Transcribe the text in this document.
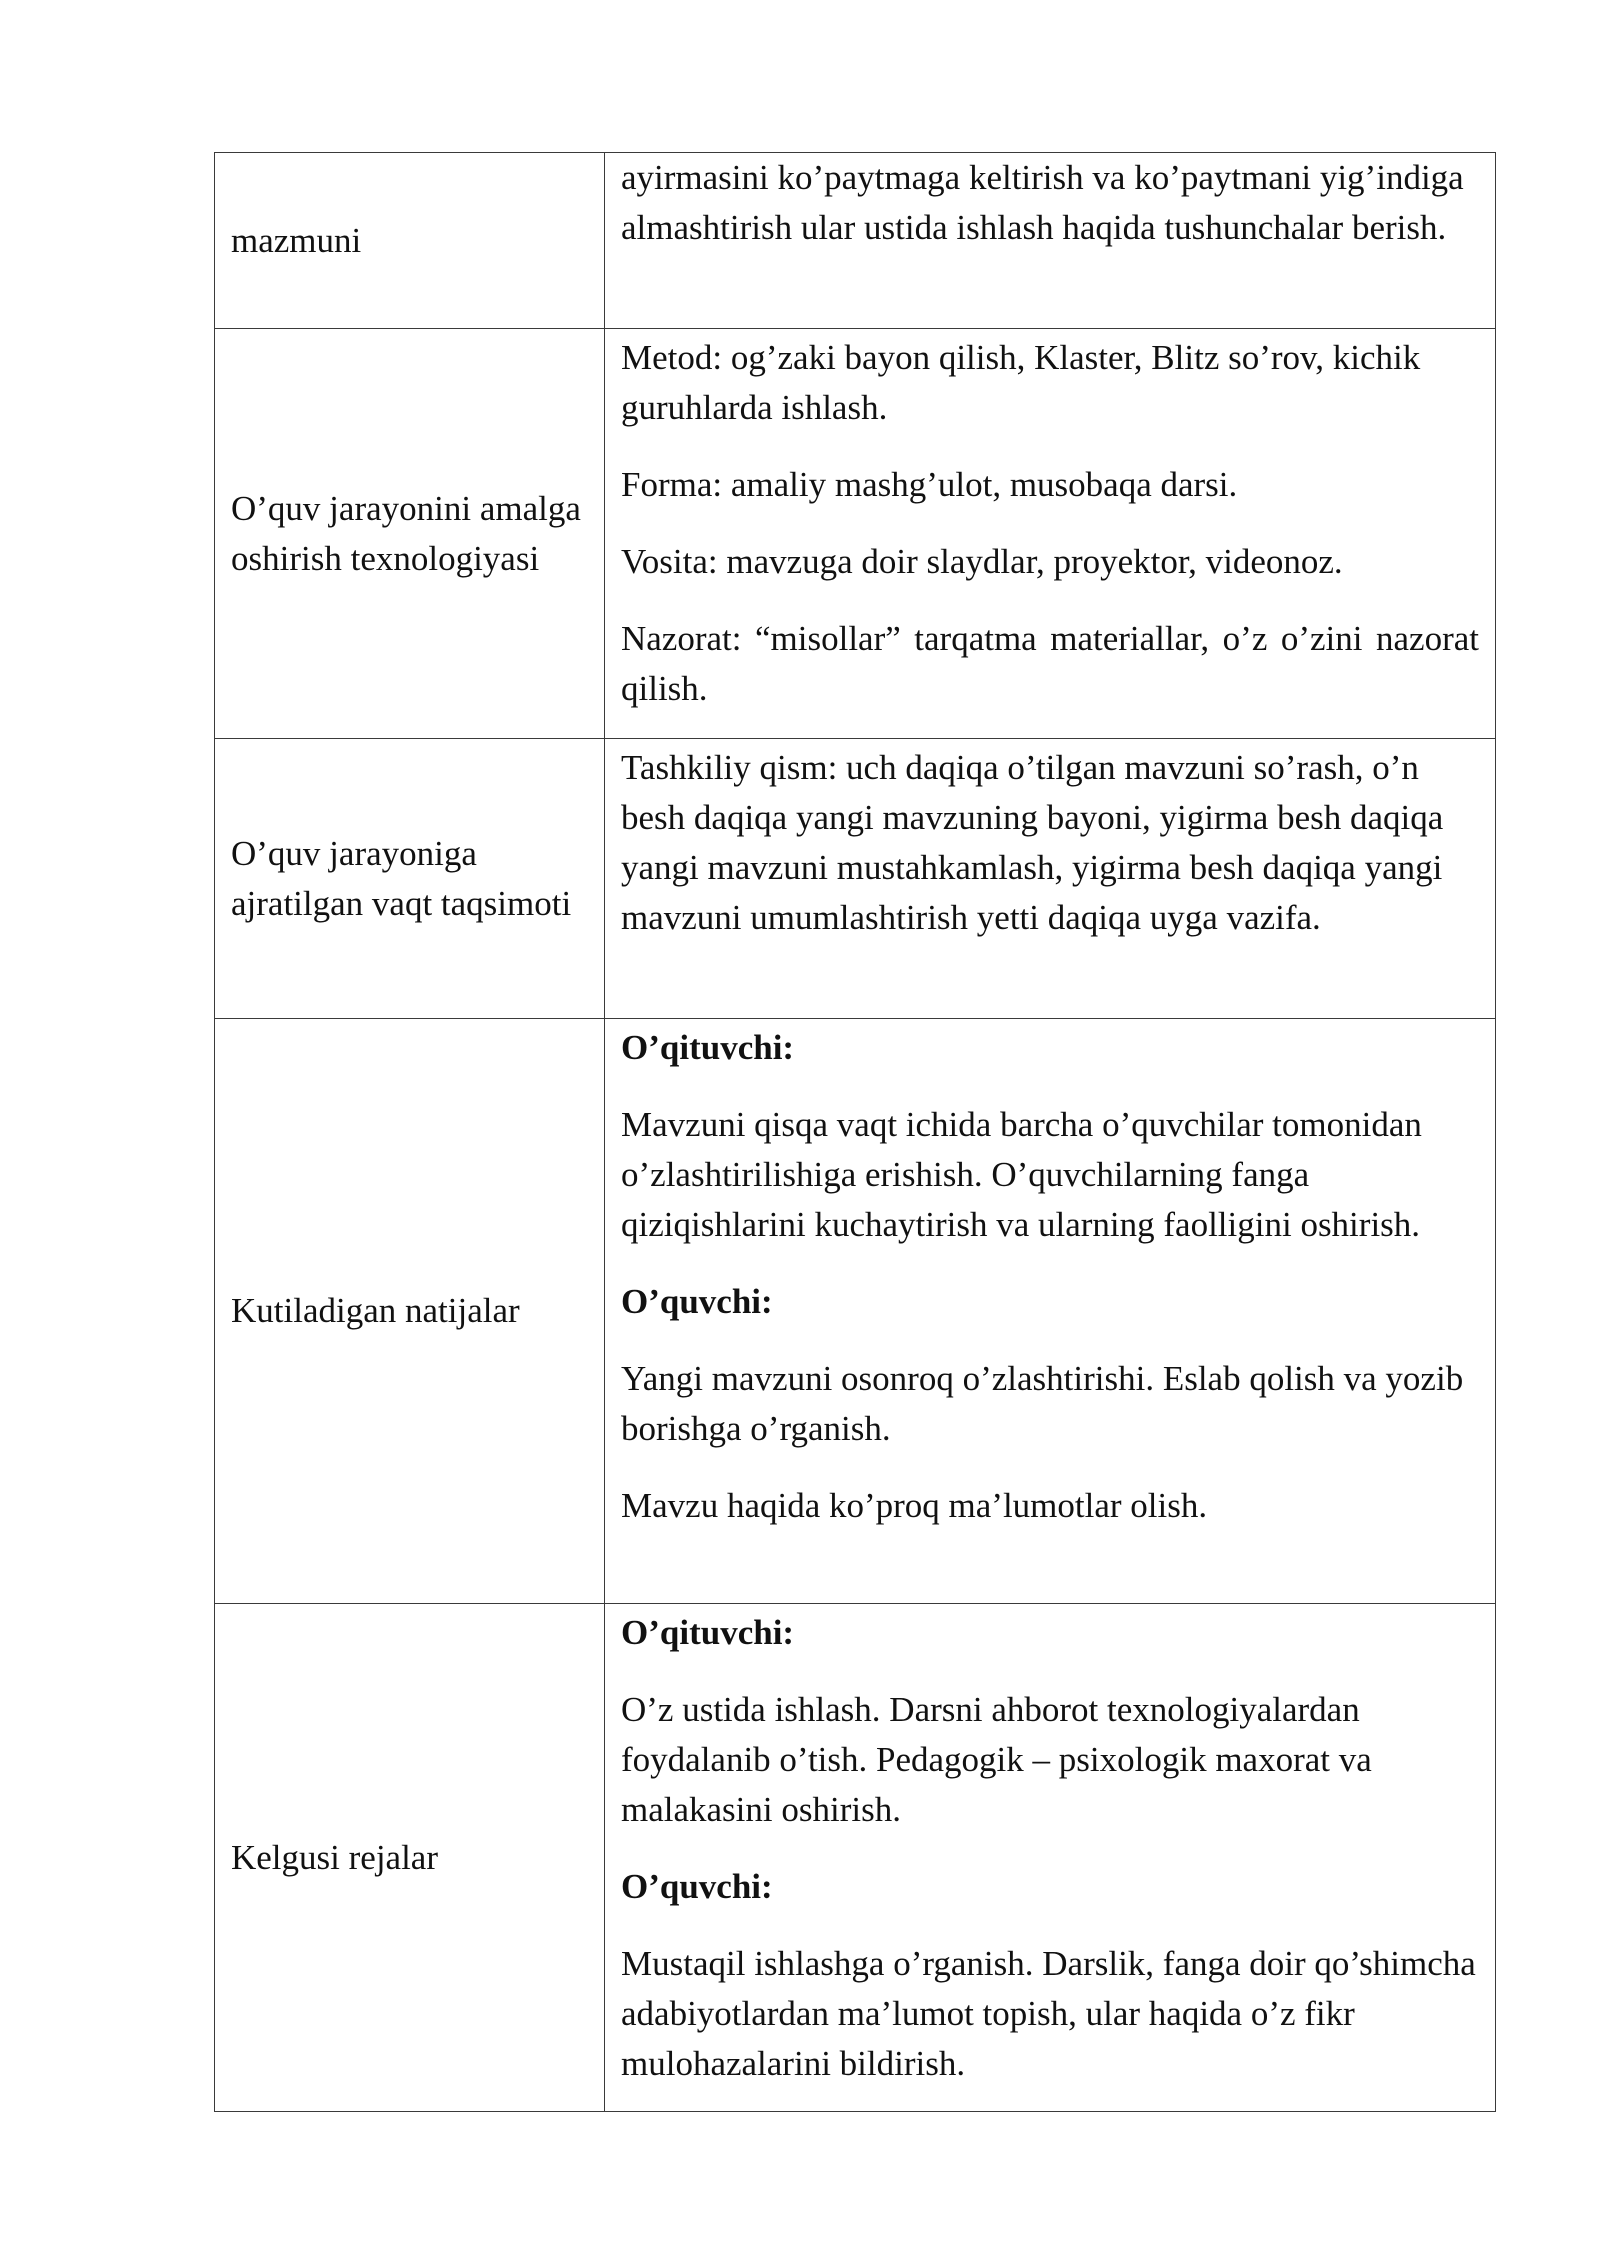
mazmuni	ayirmasini ko’paytmaga keltirish va ko’paytmani yig’indiga almashtirish ular ustida ishlash haqida tushunchalar berish.

O’quv jarayonini amalga oshirish texnologiyasi	Metod: og’zaki bayon qilish, Klaster, Blitz so’rov, kichik guruhlarda ishlash.

Forma: amaliy mashg’ulot, musobaqa darsi.

Vosita: mavzuga doir slaydlar, proyektor, videonoz.

Nazorat: “misollar” tarqatma materiallar, o’z o’zini nazorat qilish.

O’quv jarayoniga ajratilgan vaqt taqsimoti	Tashkiliy qism: uch daqiqa o’tilgan mavzuni so’rash, o’n besh daqiqa yangi mavzuning bayoni, yigirma besh daqiqa yangi mavzuni mustahkamlash, yigirma besh daqiqa yangi mavzuni umumlashtirish yetti daqiqa uyga vazifa.

Kutiladigan natijalar	O’qituvchi:

Mavzuni qisqa vaqt ichida barcha o’quvchilar tomonidan o’zlashtirilishiga erishish. O’quvchilarning fanga qiziqishlarini kuchaytirish va ularning faolligini oshirish.

O’quvchi:

Yangi mavzuni osonroq o’zlashtirishi. Eslab qolish va yozib borishga o’rganish.

Mavzu haqida ko’proq ma’lumotlar olish.

Kelgusi rejalar	O’qituvchi:

O’z ustida ishlash. Darsni ahborot texnologiyalardan foydalanib o’tish. Pedagogik – psixologik maxorat va malakasini oshirish.

O’quvchi:

Mustaqil ishlashga o’rganish. Darslik, fanga doir qo’shimcha adabiyotlardan ma’lumot topish, ular haqida o’z fikr mulohazalarini bildirish.
